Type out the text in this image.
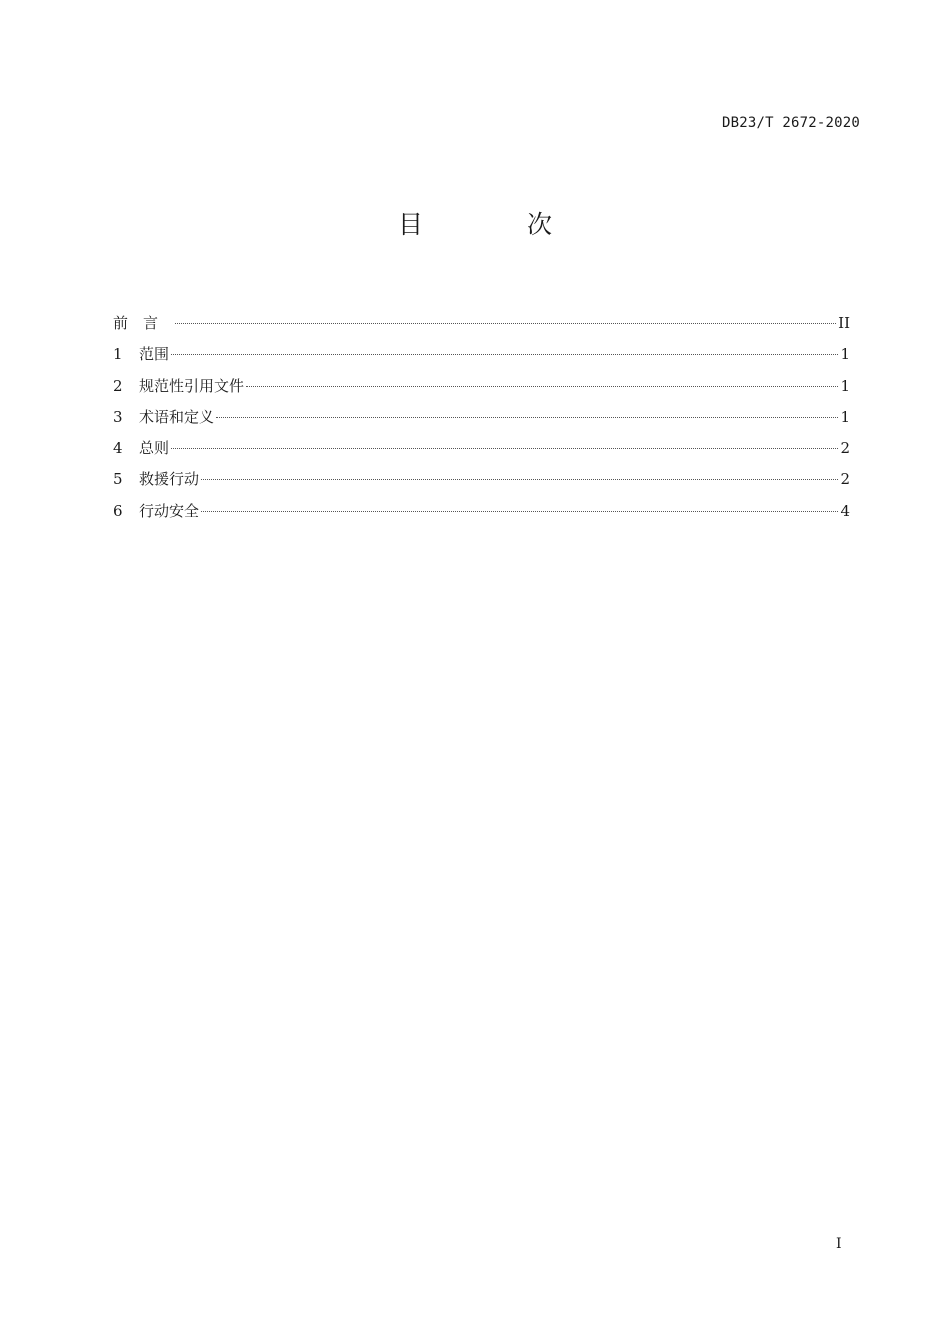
DB23/T 2672-2020
目 次
前言	II
1	范围	1
2	规范性引用文件	1
3	术语和定义	1
4	总则	2
5	救援行动	2
6	行动安全	4
I
